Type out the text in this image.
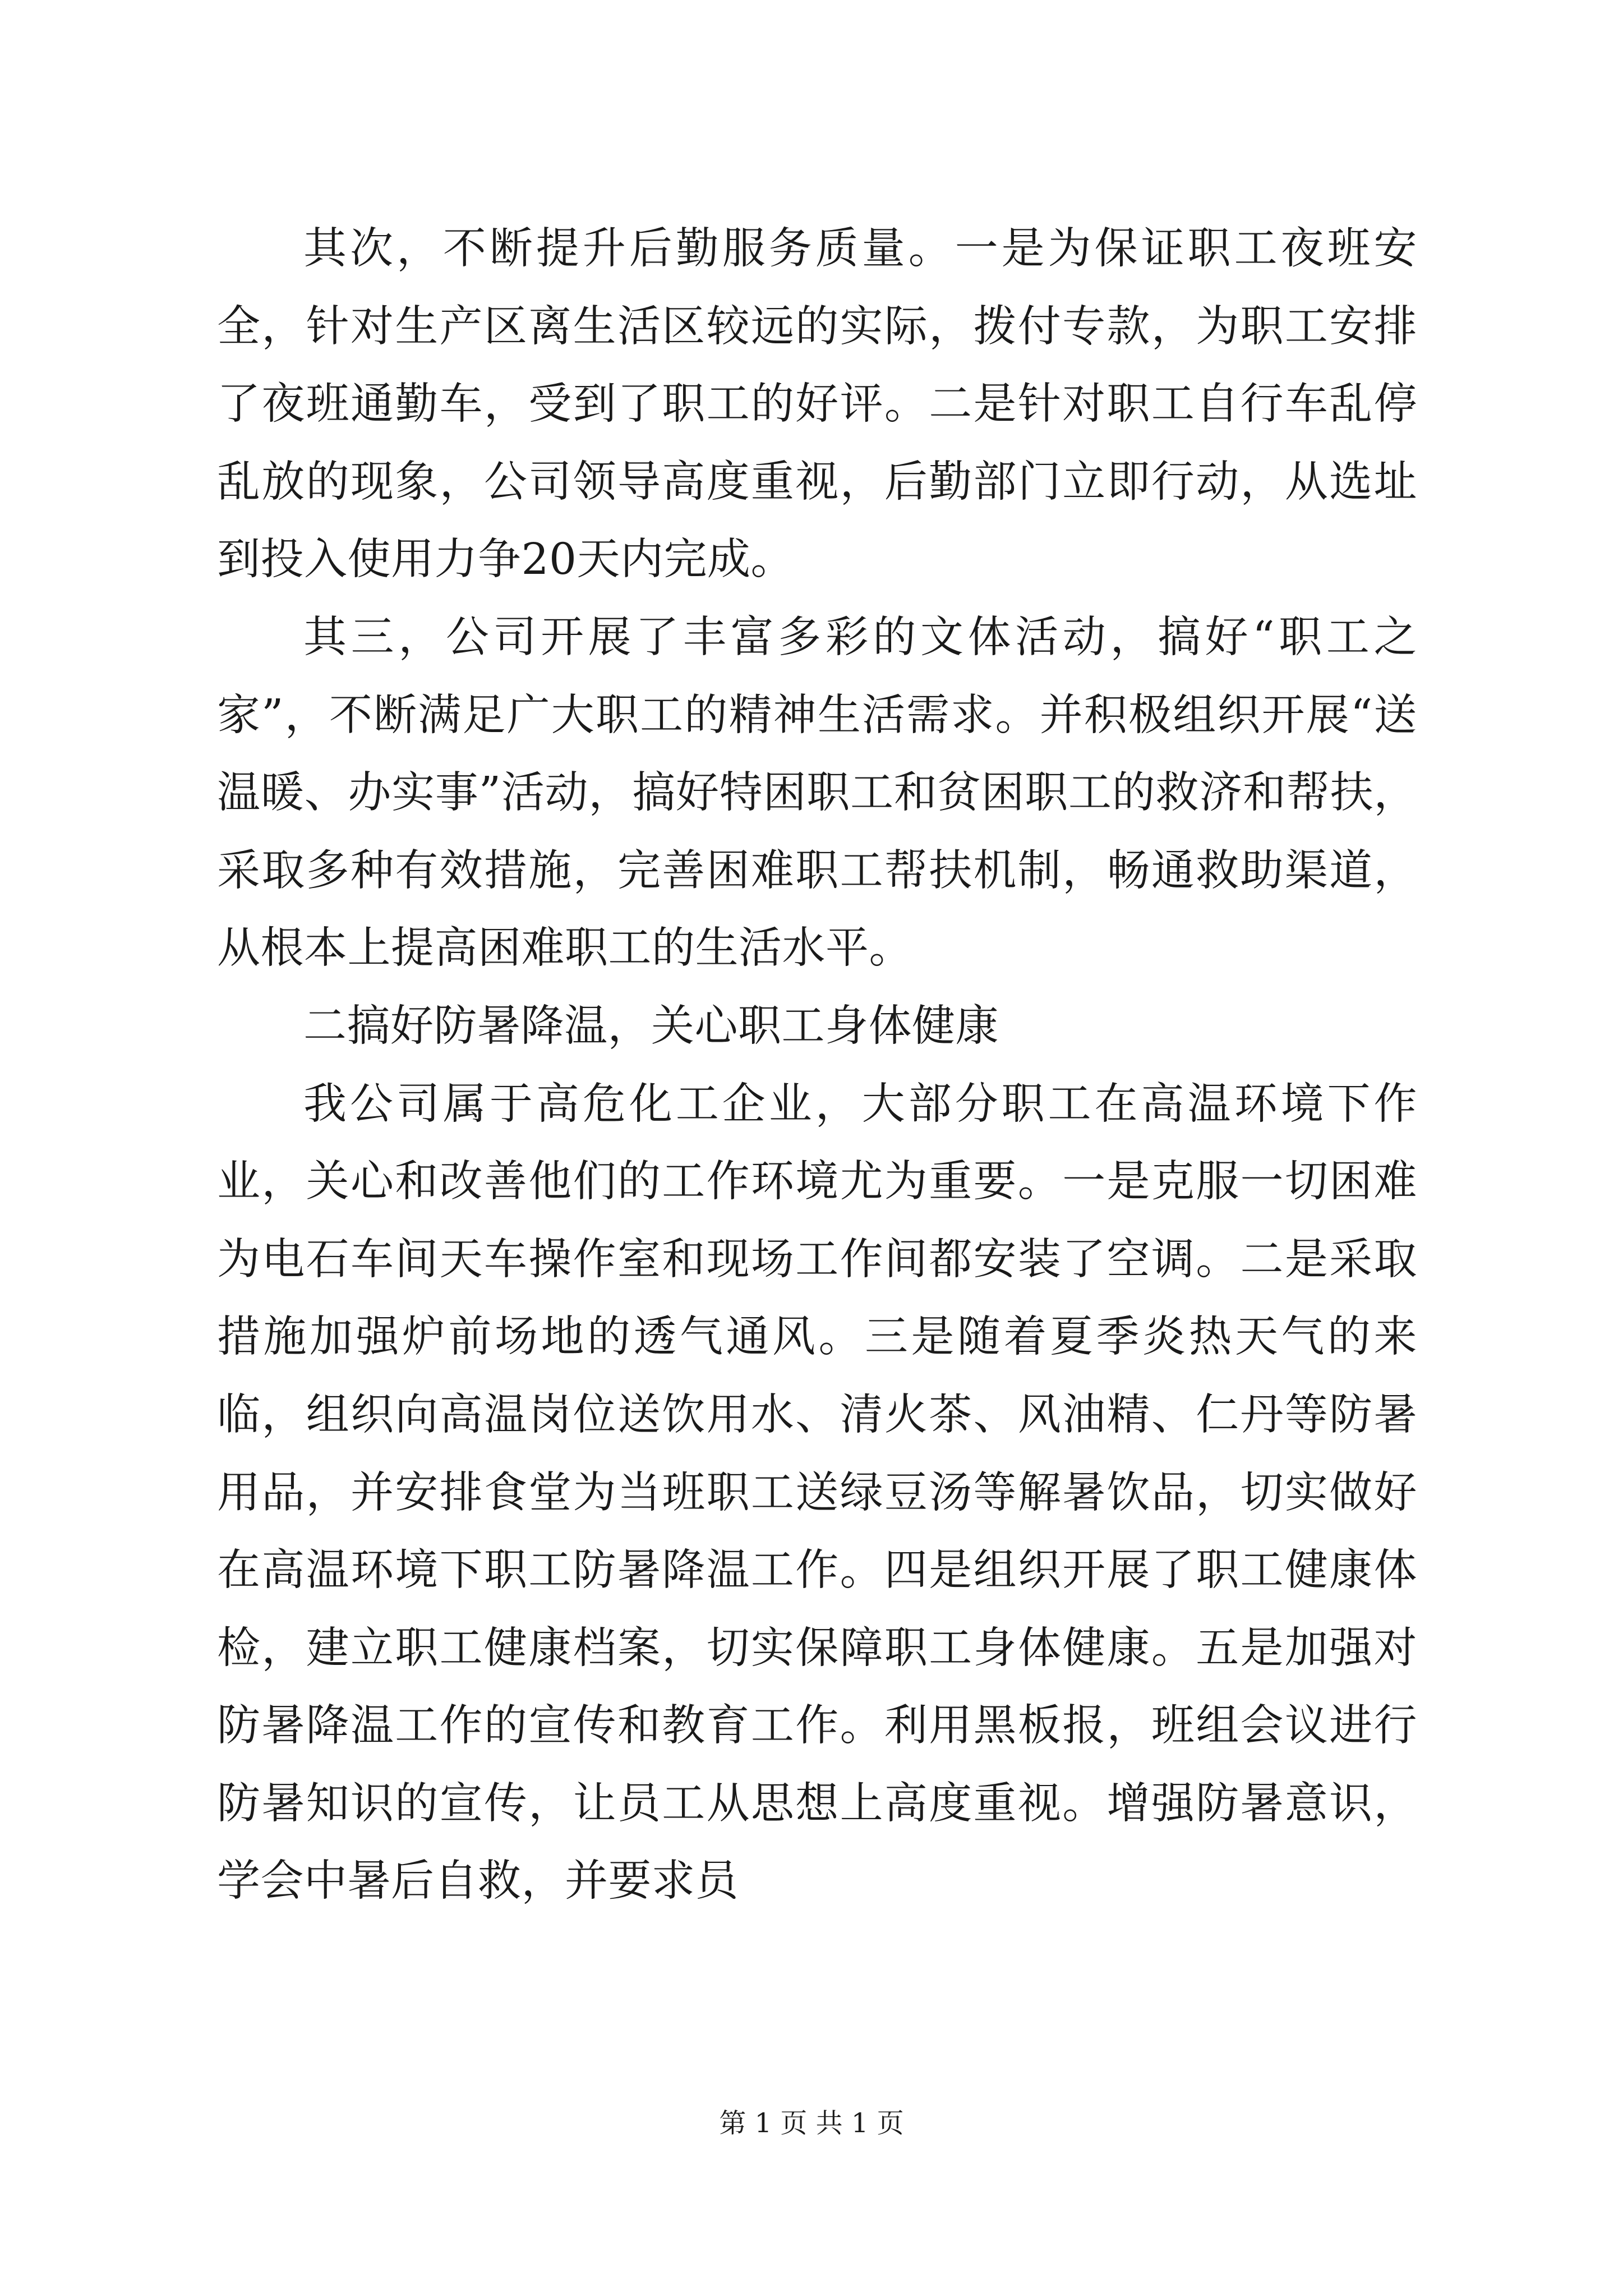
其次，不断提升后勤服务质量。一是为保证职工夜班安全，针对生产区离生活区较远的实际，拨付专款，为职工安排了夜班通勤车，受到了职工的好评。二是针对职工自行车乱停乱放的现象，公司领导高度重视，后勤部门立即行动，从选址到投入使用力争20天内完成。

其三，公司开展了丰富多彩的文体活动，搞好“职工之家”，不断满足广大职工的精神生活需求。并积极组织开展“送温暖、办实事”活动，搞好特困职工和贫困职工的救济和帮扶，采取多种有效措施，完善困难职工帮扶机制，畅通救助渠道，从根本上提高困难职工的生活水平。

二搞好防暑降温，关心职工身体健康

我公司属于高危化工企业，大部分职工在高温环境下作业，关心和改善他们的工作环境尤为重要。一是克服一切困难为电石车间天车操作室和现场工作间都安装了空调。二是采取措施加强炉前场地的透气通风。三是随着夏季炎热天气的来临，组织向高温岗位送饮用水、清火茶、风油精、仁丹等防暑用品，并安排食堂为当班职工送绿豆汤等解暑饮品，切实做好在高温环境下职工防暑降温工作。四是组织开展了职工健康体检，建立职工健康档案，切实保障职工身体健康。五是加强对防暑降温工作的宣传和教育工作。利用黑板报，班组会议进行防暑知识的宣传，让员工从思想上高度重视。增强防暑意识，学会中暑后自救，并要求员

第 1 页 共 1 页
